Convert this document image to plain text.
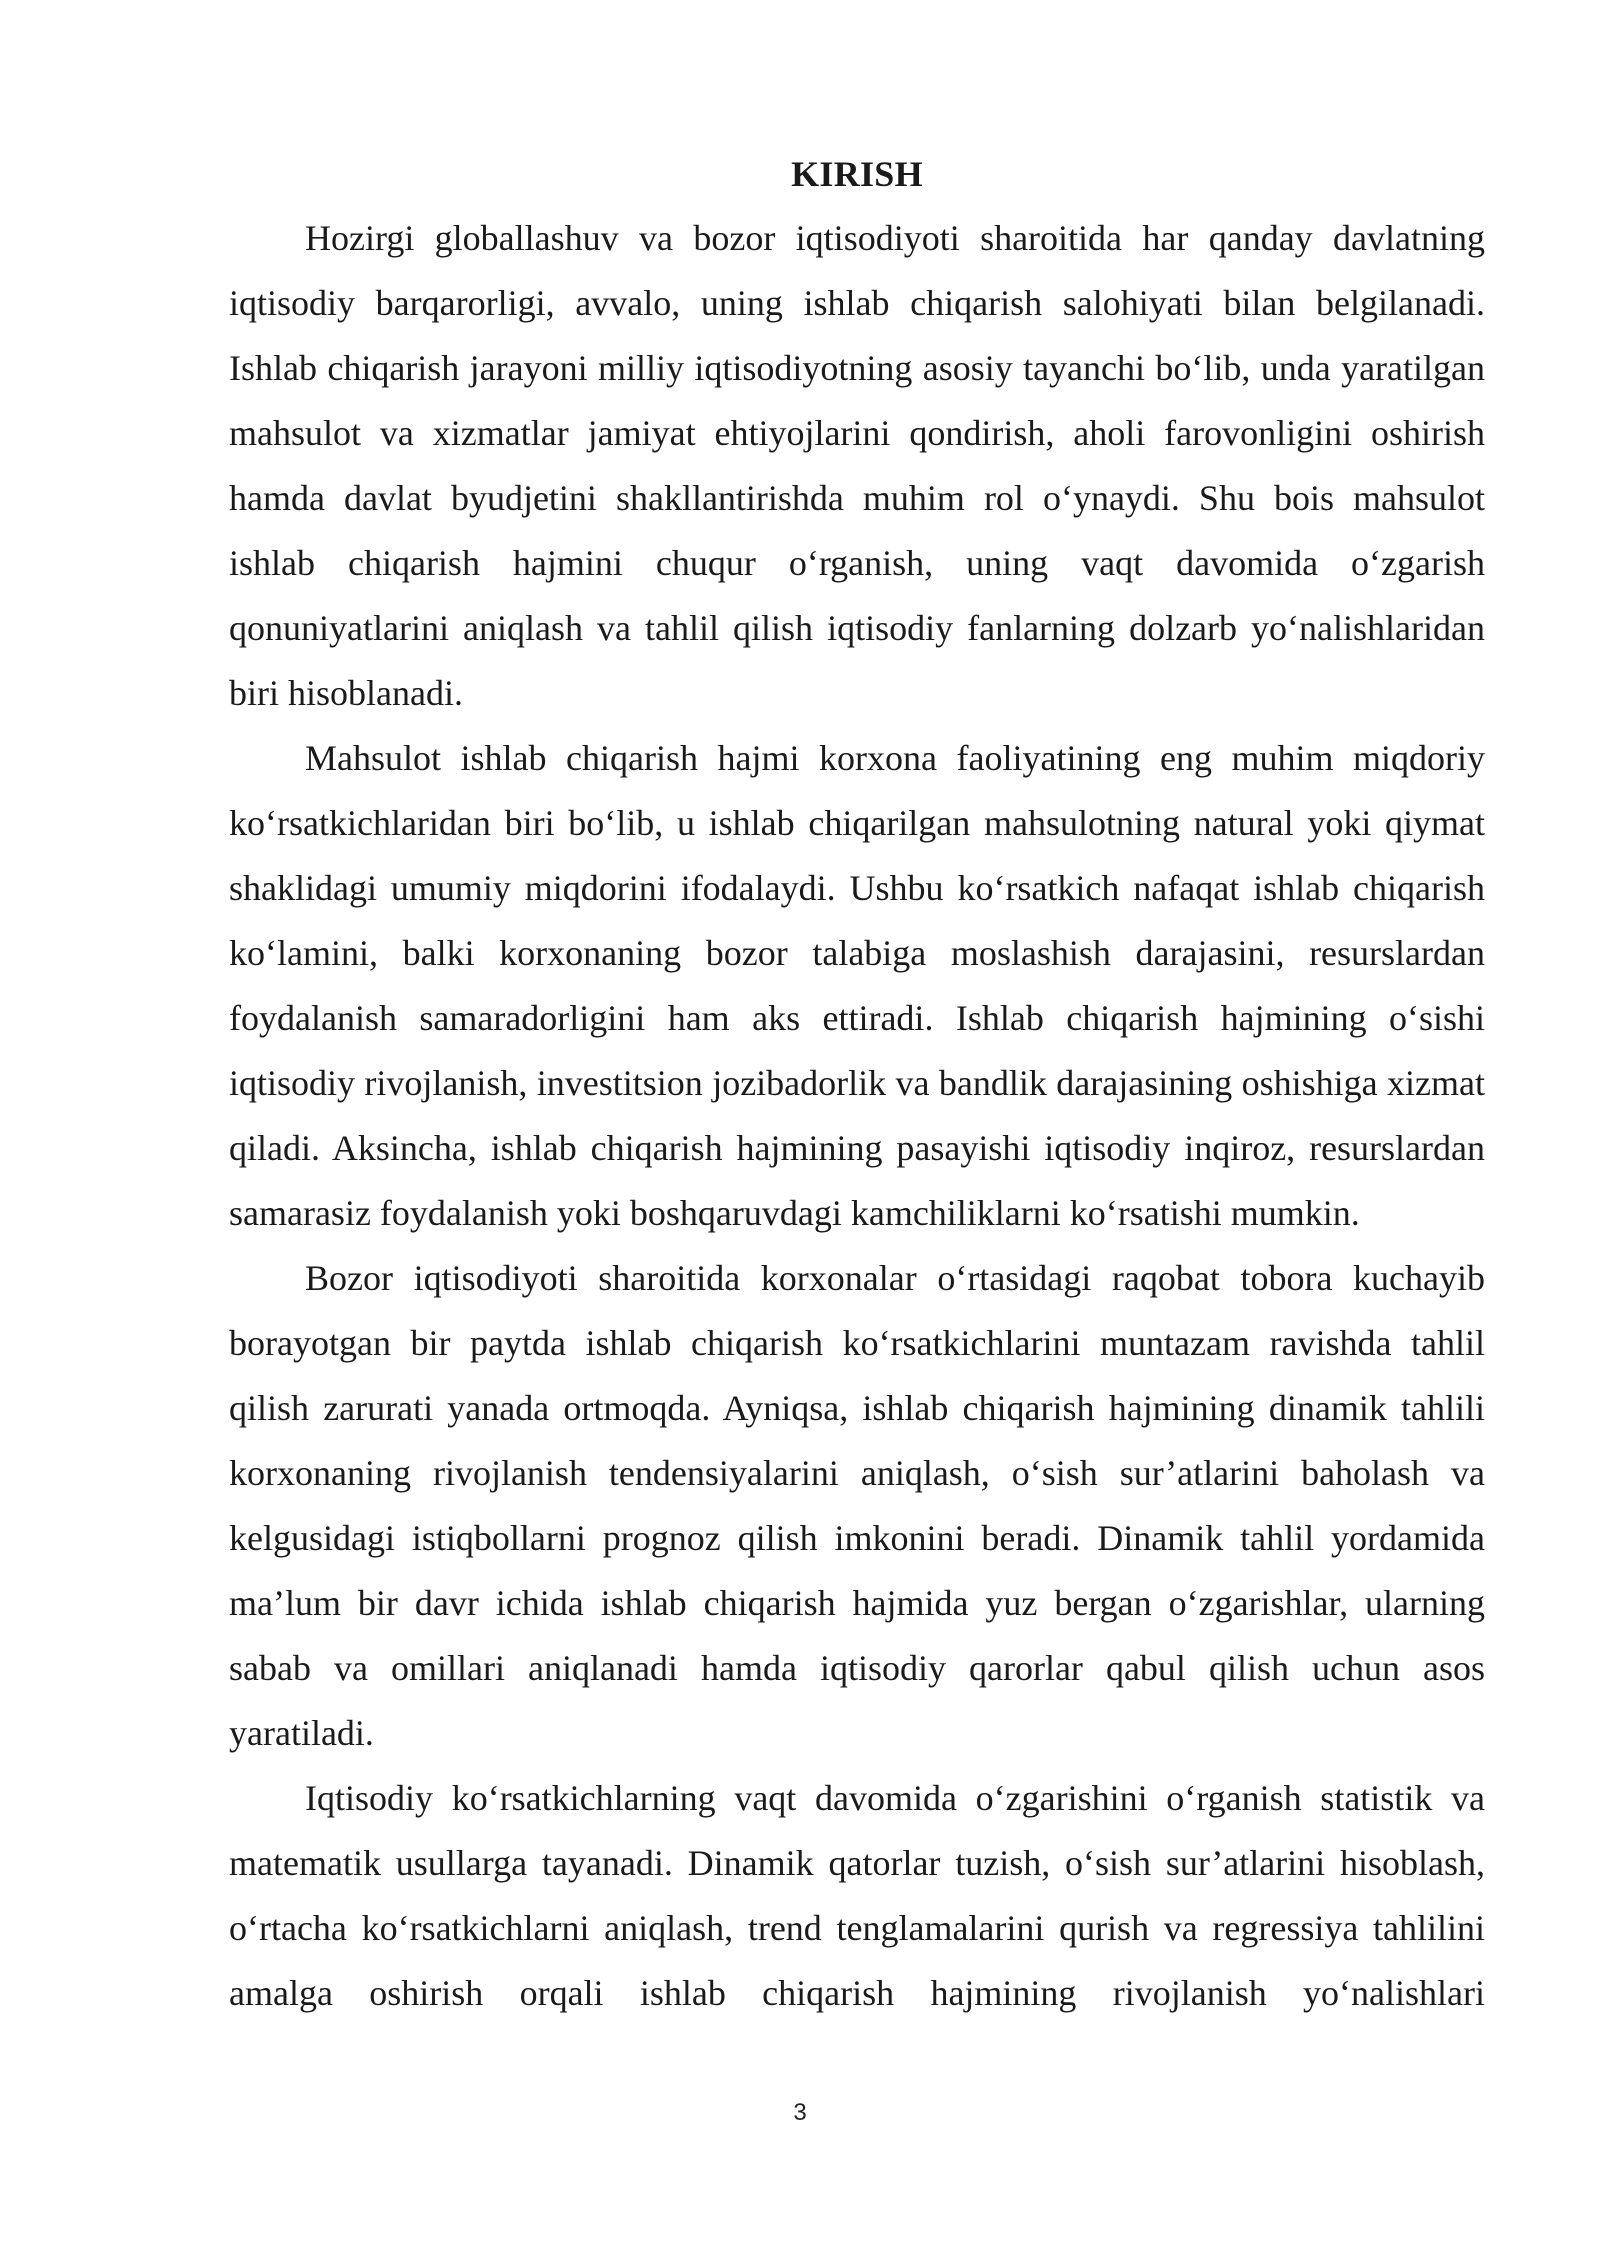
KIRISH

Hozirgi globallashuv va bozor iqtisodiyoti sharoitida har qanday davlatning iqtisodiy barqarorligi, avvalo, uning ishlab chiqarish salohiyati bilan belgilanadi. Ishlab chiqarish jarayoni milliy iqtisodiyotning asosiy tayanchi bo‘lib, unda yaratilgan mahsulot va xizmatlar jamiyat ehtiyojlarini qondirish, aholi farovonligini oshirish hamda davlat byudjetini shakllantirishda muhim rol o‘ynaydi. Shu bois mahsulot ishlab chiqarish hajmini chuqur o‘rganish, uning vaqt davomida o‘zgarish qonuniyatlarini aniqlash va tahlil qilish iqtisodiy fanlarning dolzarb yo‘nalishlaridan biri hisoblanadi.

Mahsulot ishlab chiqarish hajmi korxona faoliyatining eng muhim miqdoriy ko‘rsatkichlaridan biri bo‘lib, u ishlab chiqarilgan mahsulotning natural yoki qiymat shaklidagi umumiy miqdorini ifodalaydi. Ushbu ko‘rsatkich nafaqat ishlab chiqarish ko‘lamini, balki korxonaning bozor talabiga moslashish darajasini, resurslardan foydalanish samaradorligini ham aks ettiradi. Ishlab chiqarish hajmining o‘sishi iqtisodiy rivojlanish, investitsion jozibadorlik va bandlik darajasining oshishiga xizmat qiladi. Aksincha, ishlab chiqarish hajmining pasayishi iqtisodiy inqiroz, resurslardan samarasiz foydalanish yoki boshqaruvdagi kamchiliklarni ko‘rsatishi mumkin.

Bozor iqtisodiyoti sharoitida korxonalar o‘rtasidagi raqobat tobora kuchayib borayotgan bir paytda ishlab chiqarish ko‘rsatkichlarini muntazam ravishda tahlil qilish zarurati yanada ortmoqda. Ayniqsa, ishlab chiqarish hajmining dinamik tahlili korxonaning rivojlanish tendensiyalarini aniqlash, o‘sish sur’atlarini baholash va kelgusidagi istiqbollarni prognoz qilish imkonini beradi. Dinamik tahlil yordamida ma’lum bir davr ichida ishlab chiqarish hajmida yuz bergan o‘zgarishlar, ularning sabab va omillari aniqlanadi hamda iqtisodiy qarorlar qabul qilish uchun asos yaratiladi.

Iqtisodiy ko‘rsatkichlarning vaqt davomida o‘zgarishini o‘rganish statistik va matematik usullarga tayanadi. Dinamik qatorlar tuzish, o‘sish sur’atlarini hisoblash, o‘rtacha ko‘rsatkichlarni aniqlash, trend tenglamalarini qurish va regressiya tahlilini amalga oshirish orqali ishlab chiqarish hajmining rivojlanish yo‘nalishlari

3
